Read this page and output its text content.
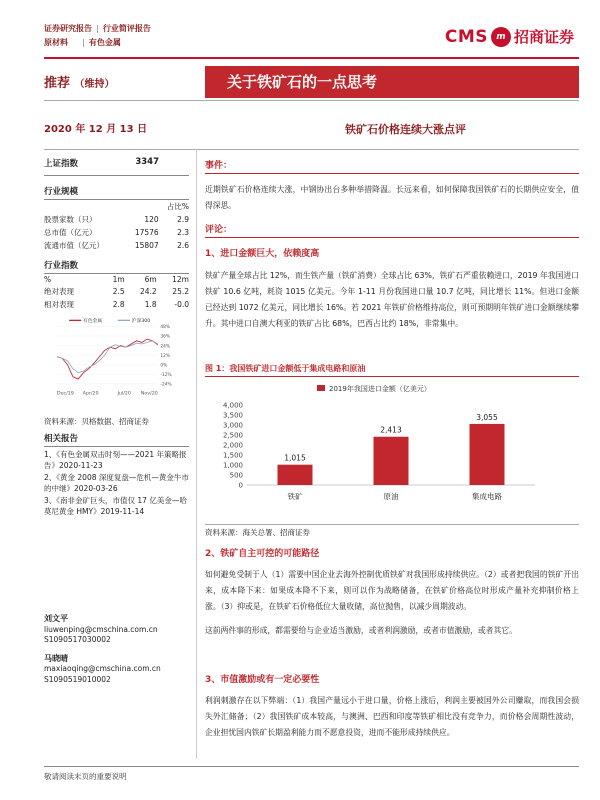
证券研究报告 | 行业简评报告
原材料 | 有色金属	CMS m 招商证券
推荐 （维持）	关于铁矿石的一点思考
2020 年 12 月 13 日	铁矿石价格连续大涨点评
上证指数	3347
行业规模
		占比%
股票家数（只）	120	2.9
总市值（亿元）	17576	2.3
流通市值（亿元）	15807	2.6
行业指数
%	1m	6m	12m
绝对表现	2.5	24.2	25.2
相对表现	2.8	1.8	-0.0
有色金属	沪深300
48%
36%
24%
12%
0%
-12%
-24%
Dec/19 Apr/20	Jul/20 Nov/20
资料来源：贝格数据、招商证券
相关报告
1、《有色金属双击时刻——2021 年策略报告》2020-11-23
2、《黄金 2008 深度复盘—危机—黄金牛市的中继》2020-03-26
3、《南非金矿巨头，市值仅 17 亿美金—哈莫尼黄金 HMY》2019-11-14
刘文平
liuwenping@cmschina.com.cn
S1090517030002
马晓晴
maxiaoqing@cmschina.com.cn
S1090519010002
事件：
近期铁矿石价格连续大涨，中钢协出台多种举措降温。长远来看，如何保障我国铁矿石的长期供应安全，值得深思。
评论：
1、进口金额巨大，依赖度高
铁矿产量全球占比 12%，而生铁产量（铁矿消费）全球占比 63%，铁矿石严重依赖进口，2019 年我国进口铁矿 10.6 亿吨，耗资 1015 亿美元。今年 1-11 月份我国进口量 10.7 亿吨，同比增长 11%。但进口金额已经达到 1072 亿美元，同比增长 16%。若 2021 年铁矿价格维持高位，则可预期明年铁矿进口金额继续攀升。其中进口自澳大利亚的铁矿占比 68%，巴西占比约 18%，非常集中。
图 1：我国铁矿进口金额低于集成电路和原油
2019年我国进口金额（亿美元）
4,000
3,500
3,000
2,500
2,000
1,500
1,000
500
0
1,015
2,413
3,055
铁矿	原油	集成电路
资料来源：海关总署、招商证券
2、铁矿自主可控的可能路径
如何避免受制于人（1）需要中国企业去海外控制优质铁矿对我国形成持续供应。（2）或者把我国的铁矿开出来，成本降下来：如果成本降不下来，则可以作为战略储备，在铁矿价格高位时形成产量补充抑制价格上涨。（3）抑或是，在铁矿石价格低位大量收储，高位抛售，以减少周期波动。
这前两件事的形成，都需要给与企业适当激励，或者利润激励，或者市值激励，或者其它。
3、市值激励或有一定必要性
利润刺激存在以下弊端：（1）我国产量远小于进口量，价格上涨后，利润主要被国外公司赚取，而我国会损失外汇储备；（2）我国铁矿成本较高，与澳洲、巴西和印度等铁矿相比没有竞争力，而价格会周期性波动，企业担忧国内铁矿长期盈利能力而不愿意投资，进而不能形成持续供应。
敬请阅读末页的重要说明
